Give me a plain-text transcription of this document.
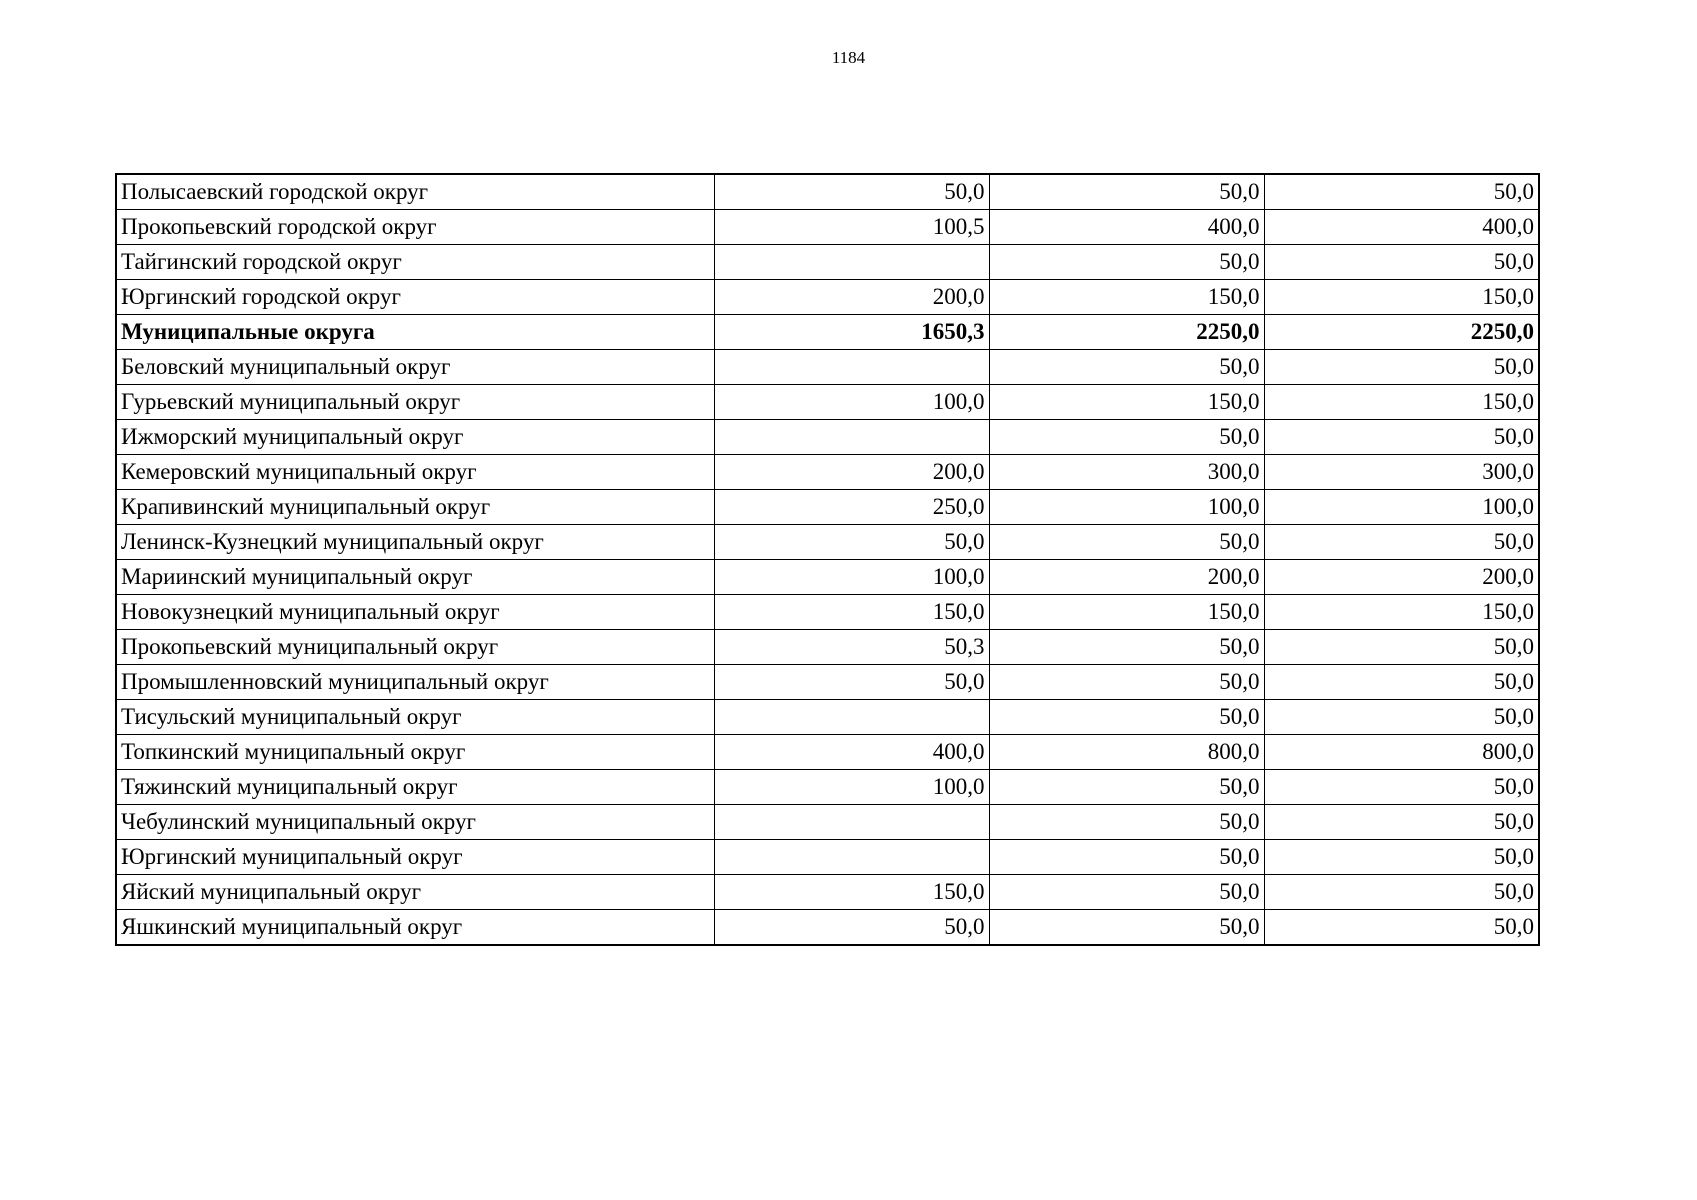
1184
Полысаевский городской округ	50,0	50,0	50,0
Прокопьевский городской округ	100,5	400,0	400,0
Тайгинский городской округ		50,0	50,0
Юргинский городской округ	200,0	150,0	150,0
Муниципальные округа	1650,3	2250,0	2250,0
Беловский муниципальный округ		50,0	50,0
Гурьевский муниципальный округ	100,0	150,0	150,0
Ижморский муниципальный округ		50,0	50,0
Кемеровский муниципальный округ	200,0	300,0	300,0
Крапивинский муниципальный округ	250,0	100,0	100,0
Ленинск-Кузнецкий муниципальный округ	50,0	50,0	50,0
Мариинский муниципальный округ	100,0	200,0	200,0
Новокузнецкий муниципальный округ	150,0	150,0	150,0
Прокопьевский муниципальный округ	50,3	50,0	50,0
Промышленновский муниципальный округ	50,0	50,0	50,0
Тисульский муниципальный округ		50,0	50,0
Топкинский муниципальный округ	400,0	800,0	800,0
Тяжинский муниципальный округ	100,0	50,0	50,0
Чебулинский муниципальный округ		50,0	50,0
Юргинский муниципальный округ		50,0	50,0
Яйский муниципальный округ	150,0	50,0	50,0
Яшкинский муниципальный округ	50,0	50,0	50,0
